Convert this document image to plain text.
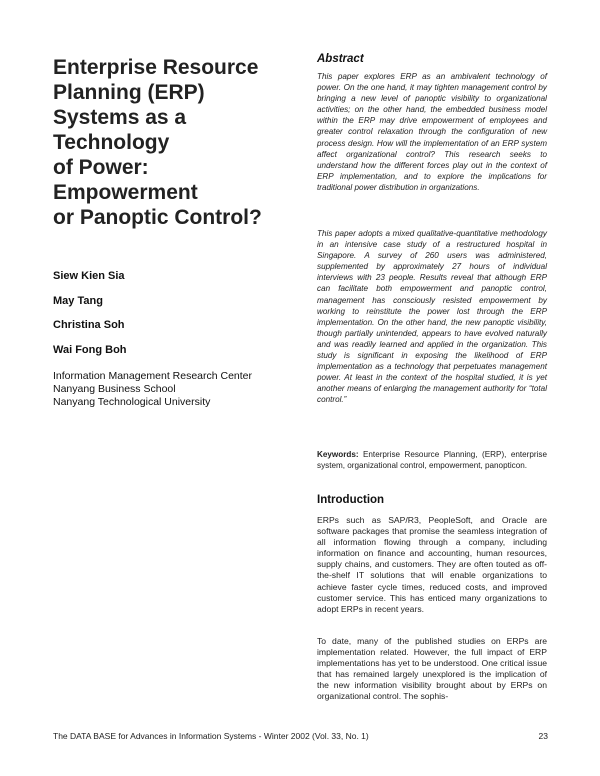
Enterprise Resource
Planning (ERP)
Systems as a
Technology
of Power:
Empowerment
or Panoptic Control?
Siew Kien Sia
May Tang
Christina Soh
Wai Fong Boh
Information Management Research Center
Nanyang Business School
Nanyang Technological University
Abstract
This paper explores ERP as an ambivalent technology of power. On the one hand, it may tighten management control by bringing a new level of panoptic visibility to organizational activities; on the other hand, the embedded business model within the ERP may drive empowerment of employees and greater control relaxation through the configuration of new process design. How will the implementation of an ERP system affect organizational control? This research seeks to understand how the different forces play out in the context of ERP implementation, and to explore the implications for traditional power distribution in organizations.
This paper adopts a mixed qualitative-quantitative methodology in an intensive case study of a restructured hospital in Singapore. A survey of 260 users was administered, supplemented by approximately 27 hours of individual interviews with 23 people. Results reveal that although ERP can facilitate both empowerment and panoptic control, management has consciously resisted empowerment by working to reinstitute the power lost through the ERP implementation. On the other hand, the new panoptic visibility, though partially unintended, appears to have evolved naturally and was readily learned and applied in the organization. This study is significant in exposing the likelihood of ERP implementation as a technology that perpetuates management power. At least in the context of the hospital studied, it is yet another means of enlarging the management authority for “total control.”
Keywords: Enterprise Resource Planning, (ERP), enterprise system, organizational control, empowerment, panopticon.
Introduction
ERPs such as SAP/R3, PeopleSoft, and Oracle are software packages that promise the seamless integration of all information flowing through a company, including information on finance and accounting, human resources, supply chains, and customers. They are often touted as off-the-shelf IT solutions that will enable organizations to achieve faster cycle times, reduced costs, and improved customer service. This has enticed many organizations to adopt ERPs in recent years.
To date, many of the published studies on ERPs are implementation related. However, the full impact of ERP implementations has yet to be understood. One critical issue that has remained largely unexplored is the implication of the new information visibility brought about by ERPs on organizational control. The sophis-
The DATA BASE for Advances in Information Systems - Winter 2002 (Vol. 33, No. 1)	23
